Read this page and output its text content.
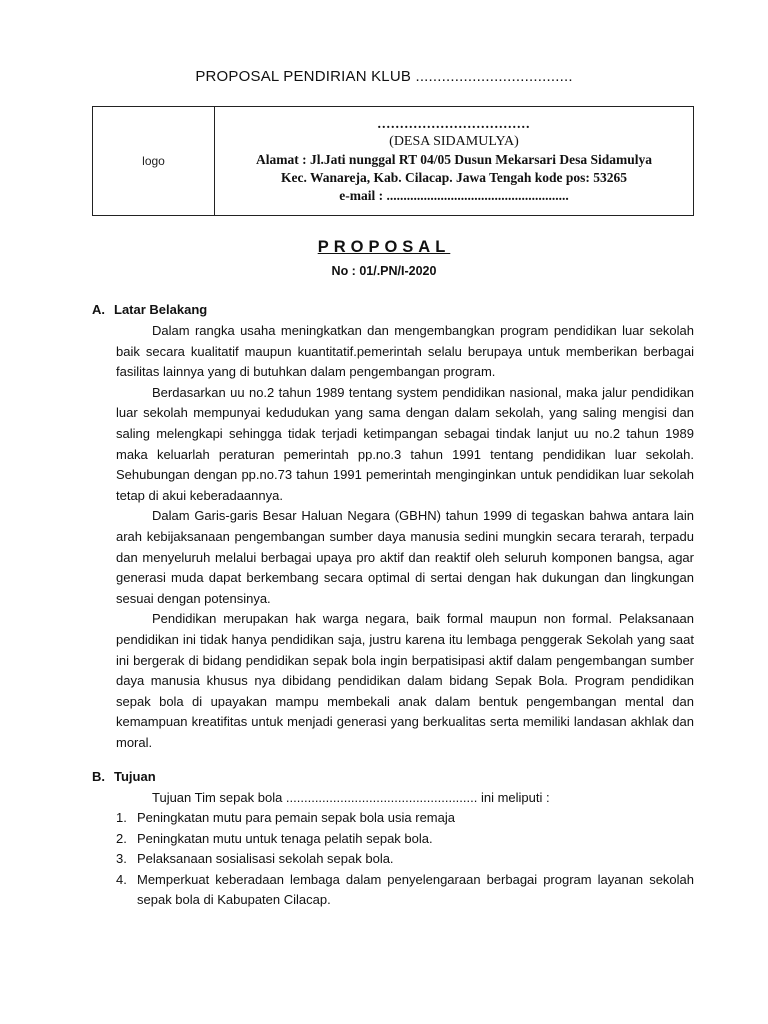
PROPOSAL PENDIRIAN KLUB ....................................
logo
..................................
(DESA SIDAMULYA)
Alamat : Jl.Jati nunggal RT 04/05 Dusun Mekarsari Desa Sidamulya
Kec. Wanareja, Kab. Cilacap. Jawa Tengah kode pos: 53265
e-mail : ......................................................
PROPOSAL
No : 01/.PN/I-2020
A. Latar Belakang

Dalam rangka usaha meningkatkan dan mengembangkan program pendidikan luar sekolah baik secara kualitatif maupun kuantitatif.pemerintah selalu berupaya untuk memberikan berbagai fasilitas lainnya yang di butuhkan dalam pengembangan program.

Berdasarkan uu no.2 tahun 1989 tentang system pendidikan nasional, maka jalur pendidikan luar sekolah mempunyai kedudukan yang sama dengan dalam sekolah, yang saling mengisi dan saling melengkapi sehingga tidak terjadi ketimpangan sebagai tindak lanjut uu no.2 tahun 1989 maka keluarlah peraturan pemerintah pp.no.3 tahun 1991 tentang pendidikan luar sekolah. Sehubungan dengan pp.no.73 tahun 1991 pemerintah menginginkan untuk pendidikan luar sekolah tetap di akui keberadaannya.

Dalam Garis-garis Besar Haluan Negara (GBHN) tahun 1999 di tegaskan bahwa antara lain arah kebijaksanaan pengembangan sumber daya manusia sedini mungkin secara terarah, terpadu dan menyeluruh melalui berbagai upaya pro aktif dan reaktif oleh seluruh komponen bangsa, agar generasi muda dapat berkembang secara optimal di sertai dengan hak dukungan dan lingkungan sesuai dengan potensinya.

Pendidikan merupakan hak warga negara, baik formal maupun non formal. Pelaksanaan pendidikan ini tidak hanya pendidikan saja, justru karena itu lembaga penggerak Sekolah yang saat ini bergerak di bidang pendidikan sepak bola ingin berpatisipasi aktif dalam pengembangan sumber daya manusia khusus nya dibidang pendidikan dalam bidang Sepak Bola. Program pendidikan sepak bola di upayakan mampu membekali anak dalam bentuk pengembangan mental dan kemampuan kreatifitas untuk menjadi generasi yang berkualitas serta memiliki landasan akhlak dan moral.

B. Tujuan
Tujuan Tim sepak bola ..................................................... ini meliputi :
1. Peningkatan mutu para pemain sepak bola usia remaja
2. Peningkatan mutu untuk tenaga pelatih sepak bola.
3. Pelaksanaan sosialisasi sekolah sepak bola.
4. Memperkuat keberadaan lembaga dalam penyelengaraan berbagai program layanan sekolah sepak bola di Kabupaten Cilacap.
